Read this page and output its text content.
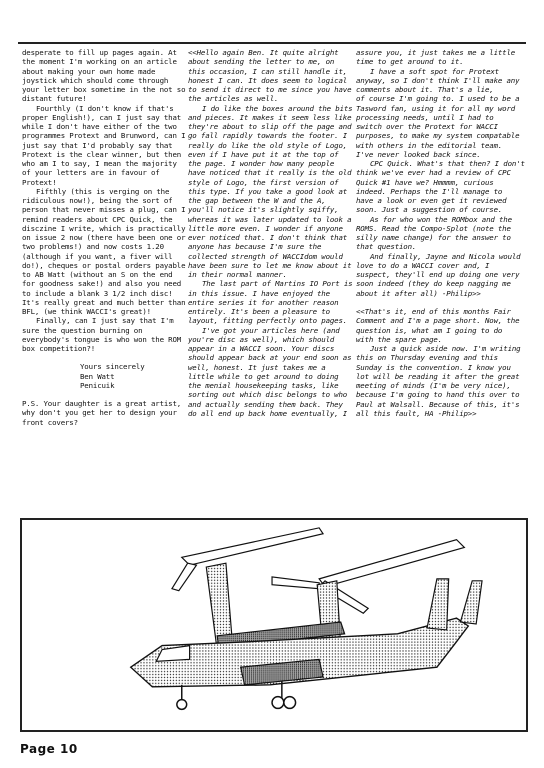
desperate to fill up pages again. At

the moment I'm working on an article

about making your own home made

joystick which should come through

your letter box sometime in the not so

distant future!

Fourthly (I don't know if that's

proper English!), can I just say that

while I don't have either of the two

programmes Protext and Brunword, can I

just say that I'd probably say that

Protext is the clear winner, but then

who am I to say, I mean the majority

of your letters are in favour of

Protext!

Fifthly (this is verging on the

ridiculous now!), being the sort of

person that never misses a plug, can I

remind readers about CPC Quick, the

disczine I write, which is practically

on issue 2 now (there have been one or

two problems!) and now costs 1.20

(although if you want, a fiver will

do!), cheques or postal orders payable

to AB Watt (without an S on the end

for goodness sake!) and also you need

to include a blank 3 1/2 inch disc!

It's really great and much better than

BFL, (we think WACCI's great)!

Finally, can I just say that I'm

sure the question burning on

everybody's tongue is who won the ROM

box competition?!

Yours sincerely

Ben Watt

Penicuik

P.S. Your daughter is a great artist,

why don't you get her to design your

front covers?

<<Hello again Ben. It quite alright

about sending the letter to me, on

this occasion, I can still handle it,

honest I can. It does seem to logical

to send it direct to me since you have

the articles as well.

I do like the boxes around the bits

and pieces. It makes it seem less like

they're about to slip off the page and

go fall rapidly towards the footer. I

really do like the old style of Logo,

even if I have put it at the top of

the page. I wonder how many people

have noticed that it really is the old

style of Logo, the first version of

this type. If you take a good look at

the gap between the W and the A,

you'll notice it's slightly sqiffy,

whereas it was later updated to look a

little more even. I wonder if anyone

ever noticed that. I don't think that

anyone has because I'm sure the

collected strength of WACCIdom would

have been sure to let me know about it

in their normal manner.

The last part of Martins IO Port is

in this issue. I have enjoyed the

entire series it for another reason

entirely. It's been a pleasure to

layout, fitting perfectly onto pages.

I've got your articles here (and

you're disc as well), which should

appear in a WACCI soon. Your discs

should appear back at your end soon as

well, honest. It just takes me a

little while to get around to doing

the menial housekeeping tasks, like

sorting out which disc belongs to who

and actually sending them back. They

do all end up back home eventually, I

assure you, it just takes me a little

time to get around to it.

I have a soft spot for Protext

anyway, so I don't think I'll make any

comments about it. That's a lie,

of course I'm going to. I used to be a

Tasword fan, using it for all my word

processing needs, until I had to

switch over the Protext for WACCI

purposes, to make my system compatable

with others in the editorial team.

I've never looked back since.

CPC Quick. What's that then? I don't

think we've ever had a review of CPC

Quick #1 have we? Hmmmm, curious

indeed. Perhaps the I'll manage to

have a look or even get it reviewed

soon. Just a suggestion of course.

As for who won the ROMbox and the

ROMS. Read the Compo-Splot (note the

silly name change) for the answer to

that question.

And finally, Jayne and Nicola would

love to do a WACCI cover and, I

suspect, they'll end up doing one very

soon indeed (they do keep nagging me

about it after all) -Philip>>

<<That's it, end of this months Fair

Comment and I'm a page short. Now, the

question is, what am I going to do

with the spare page.

Just a quick aside now. I'm writing

this on Thursday evening and this

Sunday is the convention. I know you

lot will be reading it after the great

meeting of minds (I'm be very nice),

because I'm going to hand this over to

Paul at Walsall. Because of this, it's

all this fault, HA -Philip>>

Page 10
